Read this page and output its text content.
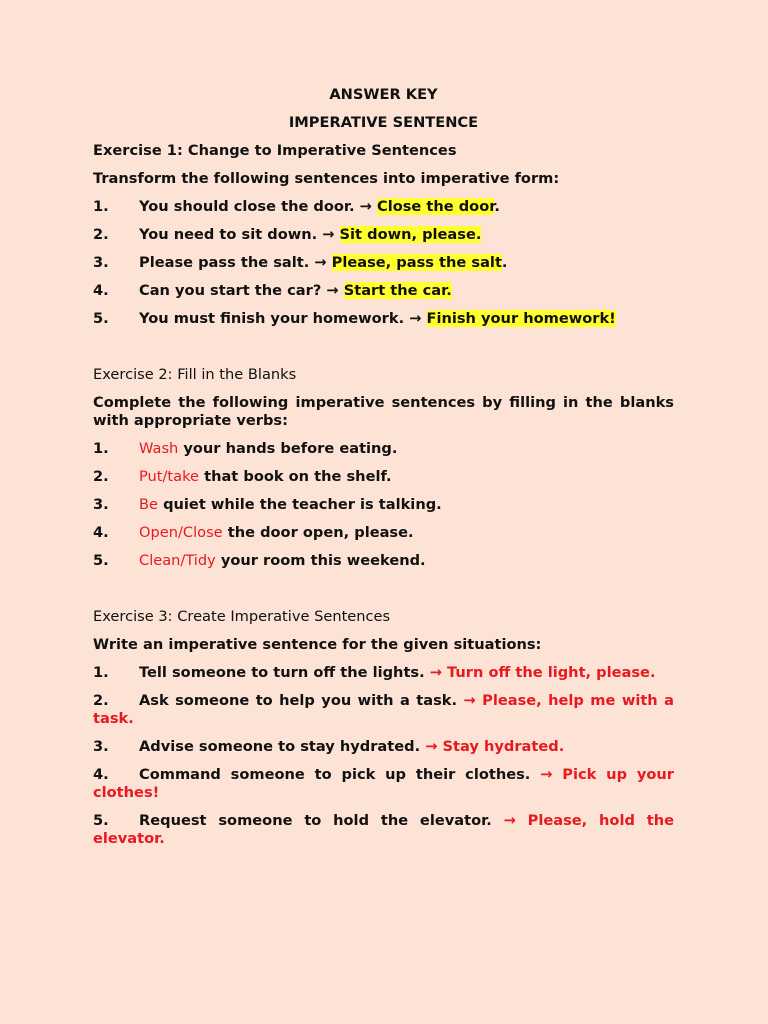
ANSWER KEY
IMPERATIVE SENTENCE
Exercise 1: Change to Imperative Sentences
Transform the following sentences into imperative form:
1.	You should close the door. → Close the door.
2.	You need to sit down. → Sit down, please.
3.	Please pass the salt. → Please, pass the salt.
4.	Can you start the car? → Start the car.
5.	You must finish your homework. → Finish your homework!
Exercise 2: Fill in the Blanks
Complete the following imperative sentences by filling in the blanks with appropriate verbs:
1.	Wash your hands before eating.
2.	Put/take that book on the shelf.
3.	Be quiet while the teacher is talking.
4.	Open/Close the door open, please.
5.	Clean/Tidy your room this weekend.
Exercise 3: Create Imperative Sentences
Write an imperative sentence for the given situations:
1. Tell someone to turn off the lights. → Turn off the light, please.
2. Ask someone to help you with a task. → Please, help me with a task.
3. Advise someone to stay hydrated. → Stay hydrated.
4. Command someone to pick up their clothes. → Pick up your clothes!
5. Request someone to hold the elevator. → Please, hold the elevator.
